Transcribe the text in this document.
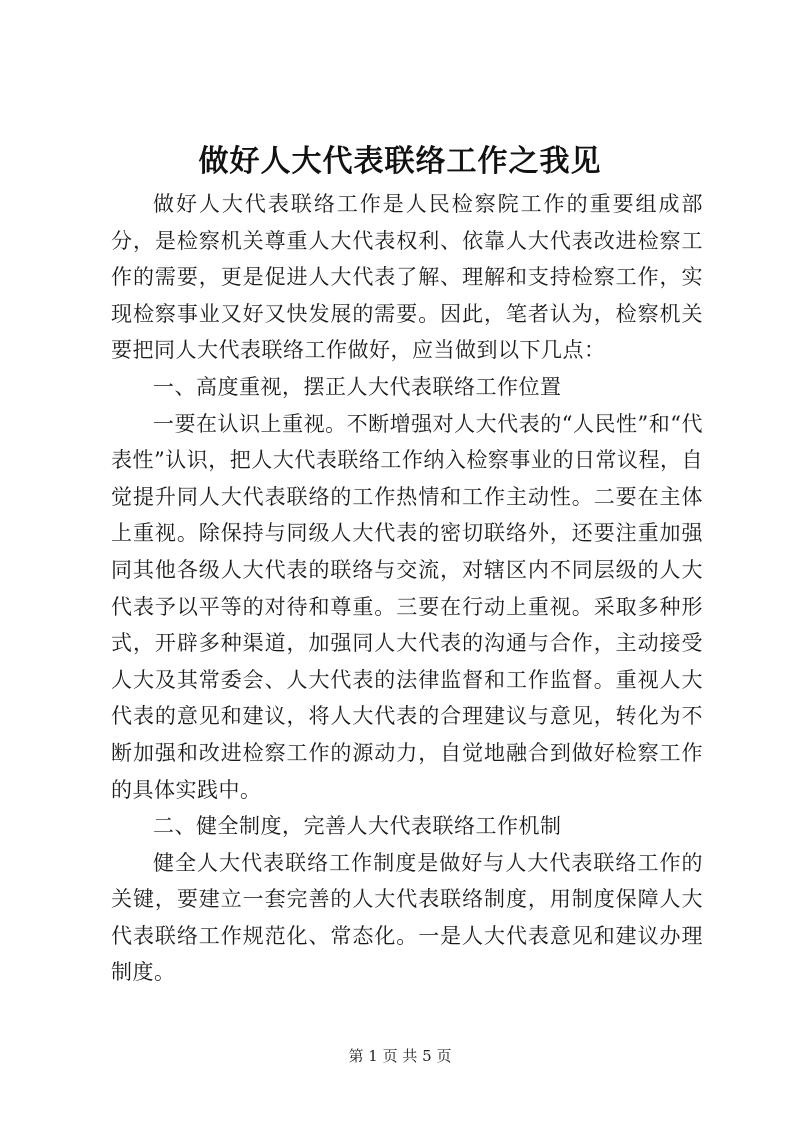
做好人大代表联络工作之我见

做好人大代表联络工作是人民检察院工作的重要组成部分，是检察机关尊重人大代表权利、依靠人大代表改进检察工作的需要，更是促进人大代表了解、理解和支持检察工作，实现检察事业又好又快发展的需要。因此，笔者认为，检察机关要把同人大代表联络工作做好，应当做到以下几点：

一、高度重视，摆正人大代表联络工作位置

一要在认识上重视。不断增强对人大代表的“人民性”和“代表性”认识，把人大代表联络工作纳入检察事业的日常议程，自觉提升同人大代表联络的工作热情和工作主动性。二要在主体上重视。除保持与同级人大代表的密切联络外，还要注重加强同其他各级人大代表的联络与交流，对辖区内不同层级的人大代表予以平等的对待和尊重。三要在行动上重视。采取多种形式，开辟多种渠道，加强同人大代表的沟通与合作，主动接受人大及其常委会、人大代表的法律监督和工作监督。重视人大代表的意见和建议，将人大代表的合理建议与意见，转化为不断加强和改进检察工作的源动力，自觉地融合到做好检察工作的具体实践中。

二、健全制度，完善人大代表联络工作机制

健全人大代表联络工作制度是做好与人大代表联络工作的关键，要建立一套完善的人大代表联络制度，用制度保障人大代表联络工作规范化、常态化。一是人大代表意见和建议办理制度。

第 1 页 共 5 页
